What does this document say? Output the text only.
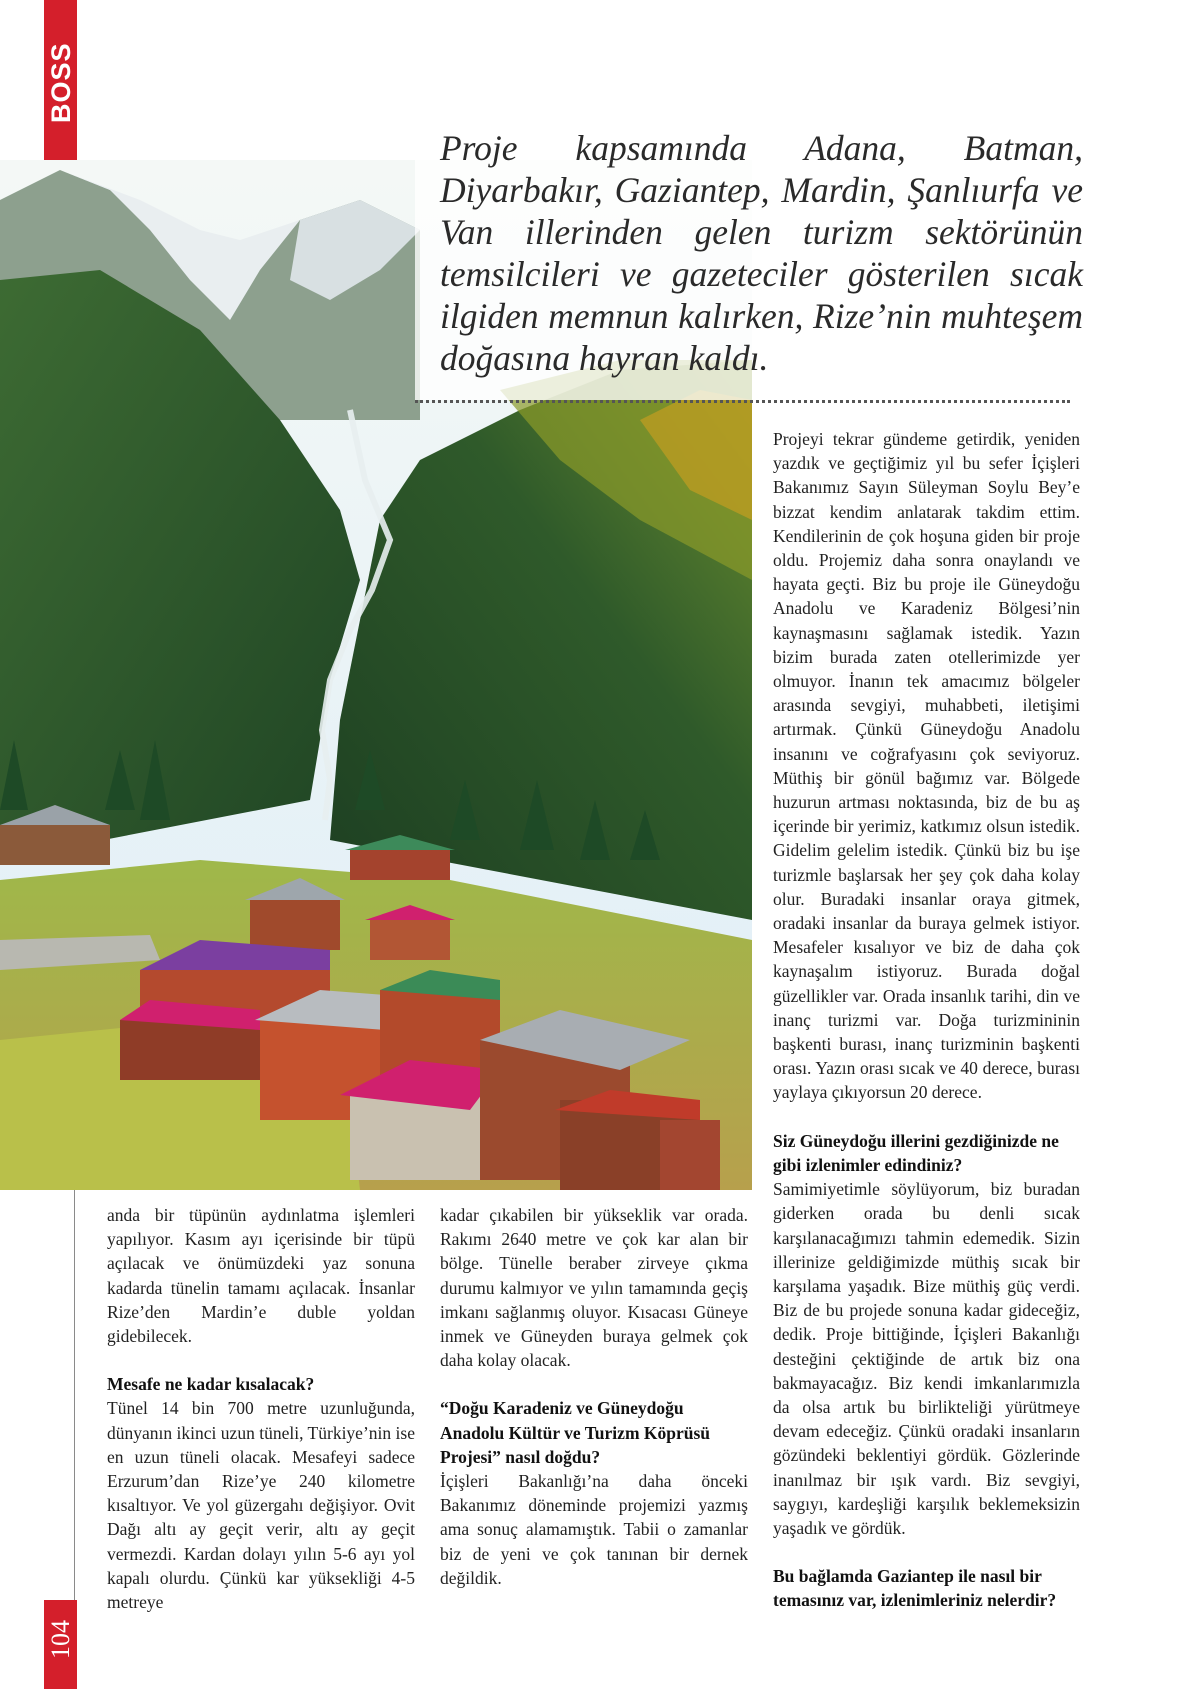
BOSS
104

Proje kapsamında Adana, Batman, Diyarbakır, Gaziantep, Mardin, Şanlıurfa ve Van illerinden gelen turizm sektörünün temsilcileri ve gazeteciler gösterilen sıcak ilgiden memnun kalırken, Rize’nin muhteşem doğasına hayran kaldı.

Projeyi tekrar gündeme getirdik, yeniden yazdık ve geçtiğimiz yıl bu sefer İçişleri Bakanımız Sayın Süleyman Soylu Bey’e bizzat kendim anlatarak takdim ettim. Kendilerinin de çok hoşuna giden bir proje oldu. Projemiz daha sonra onaylandı ve hayata geçti. Biz bu proje ile Güneydoğu Anadolu ve Karadeniz Bölgesi’nin kaynaşmasını sağlamak istedik. Yazın bizim burada zaten otellerimizde yer olmuyor. İnanın tek amacımız bölgeler arasında sevgiyi, muhabbeti, iletişimi artırmak. Çünkü Güneydoğu Anadolu insanını ve coğrafyasını çok seviyoruz. Müthiş bir gönül bağımız var. Bölgede huzurun artması noktasında, biz de bu aş içerinde bir yerimiz, katkımız olsun istedik. Gidelim gelelim istedik. Çünkü biz bu işe turizmle başlarsak her şey çok daha kolay olur. Buradaki insanlar oraya gitmek, oradaki insanlar da buraya gelmek istiyor. Mesafeler kısalıyor ve biz de daha çok kaynaşalım istiyoruz. Burada doğal güzellikler var. Orada insanlık tarihi, din ve inanç turizmi var. Doğa turizmininin başkenti burası, inanç turizminin başkenti orası. Yazın orası sıcak ve 40 derece, burası yaylaya çıkıyorsun 20 derece.

Siz Güneydoğu illerini gezdiğinizde ne gibi izlenimler edindiniz?

Samimiyetimle söylüyorum, biz buradan giderken orada bu denli sıcak karşılanacağımızı tahmin edemedik. Sizin illerinize geldiğimizde müthiş sıcak bir karşılama yaşadık. Bize müthiş güç verdi. Biz de bu projede sonuna kadar gideceğiz, dedik. Proje bittiğinde, İçişleri Bakanlığı desteğini çektiğinde de artık biz ona bakmayacağız. Biz kendi imkanlarımızla da olsa artık bu birlikteliği yürütmeye devam edeceğiz. Çünkü oradaki insanların gözündeki beklentiyi gördük. Gözlerinde inanılmaz bir ışık vardı. Biz sevgiyi, saygıyı, kardeşliği karşılık beklemeksizin yaşadık ve gördük.

Bu bağlamda Gaziantep ile nasıl bir temasınız var, izlenimleriniz nelerdir?

anda bir tüpünün aydınlatma işlemleri yapılıyor. Kasım ayı içerisinde bir tüpü açılacak ve önümüzdeki yaz sonuna kadarda tünelin tamamı açılacak. İnsanlar Rize’den Mardin’e duble yoldan gidebilecek.

Mesafe ne kadar kısalacak?

Tünel 14 bin 700 metre uzunluğunda, dünyanın ikinci uzun tüneli, Türkiye’nin ise en uzun tüneli olacak. Mesafeyi sadece Erzurum’dan Rize’ye 240 kilometre kısaltıyor. Ve yol güzergahı değişiyor. Ovit Dağı altı ay geçit verir, altı ay geçit vermezdi. Kardan dolayı yılın 5-6 ayı yol kapalı olurdu. Çünkü kar yüksekliği 4-5 metreye

kadar çıkabilen bir yükseklik var orada. Rakımı 2640 metre ve çok kar alan bir bölge. Tünelle beraber zirveye çıkma durumu kalmıyor ve yılın tamamında geçiş imkanı sağlanmış oluyor. Kısacası Güneye inmek ve Güneyden buraya gelmek çok daha kolay olacak.

“Doğu Karadeniz ve Güneydoğu Anadolu Kültür ve Turizm Köprüsü Projesi” nasıl doğdu?

İçişleri Bakanlığı’na daha önceki Bakanımız döneminde projemizi yazmış ama sonuç alamamıştık. Tabii o zamanlar biz de yeni ve çok tanınan bir dernek değildik.
